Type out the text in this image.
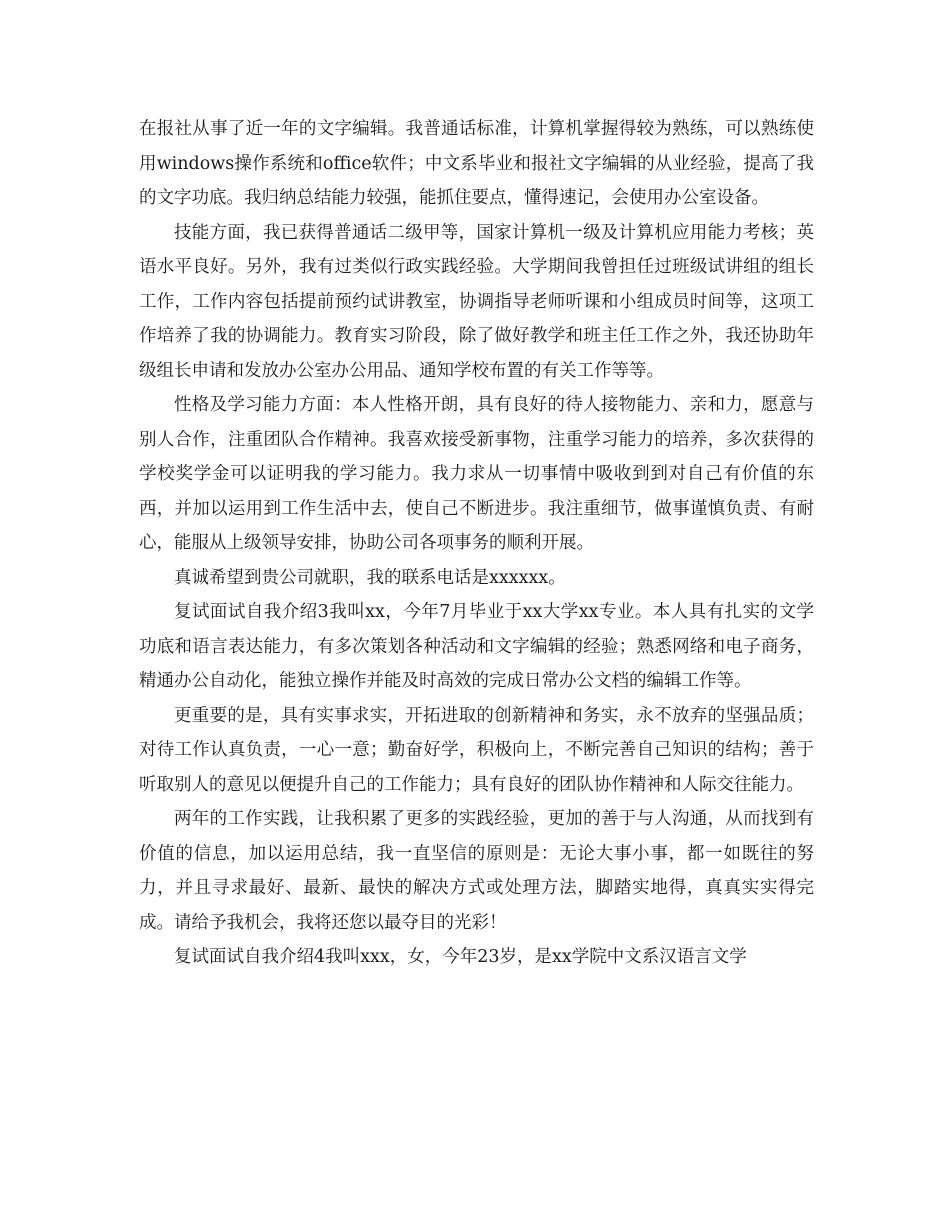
在报社从事了近一年的文字编辑。我普通话标准，计算机掌握得较为熟练，可以熟练使用windows操作系统和office软件；中文系毕业和报社文字编辑的从业经验，提高了我的文字功底。我归纳总结能力较强，能抓住要点，懂得速记，会使用办公室设备。

技能方面，我已获得普通话二级甲等，国家计算机一级及计算机应用能力考核；英语水平良好。另外，我有过类似行政实践经验。大学期间我曾担任过班级试讲组的组长工作，工作内容包括提前预约试讲教室，协调指导老师听课和小组成员时间等，这项工作培养了我的协调能力。教育实习阶段，除了做好教学和班主任工作之外，我还协助年级组长申请和发放办公室办公用品、通知学校布置的有关工作等等。

性格及学习能力方面：本人性格开朗，具有良好的待人接物能力、亲和力，愿意与别人合作，注重团队合作精神。我喜欢接受新事物，注重学习能力的培养，多次获得的学校奖学金可以证明我的学习能力。我力求从一切事情中吸收到到对自己有价值的东西，并加以运用到工作生活中去，使自己不断进步。我注重细节，做事谨慎负责、有耐心，能服从上级领导安排，协助公司各项事务的顺利开展。

真诚希望到贵公司就职，我的联系电话是xxxxxx。

复试面试自我介绍3我叫xx，今年7月毕业于xx大学xx专业。本人具有扎实的文学功底和语言表达能力，有多次策划各种活动和文字编辑的经验；熟悉网络和电子商务，精通办公自动化，能独立操作并能及时高效的完成日常办公文档的编辑工作等。

更重要的是，具有实事求实，开拓进取的创新精神和务实，永不放弃的坚强品质；对待工作认真负责，一心一意；勤奋好学，积极向上，不断完善自己知识的结构；善于听取别人的意见以便提升自己的工作能力；具有良好的团队协作精神和人际交往能力。

两年的工作实践，让我积累了更多的实践经验，更加的善于与人沟通，从而找到有价值的信息，加以运用总结，我一直坚信的原则是：无论大事小事，都一如既往的努力，并且寻求最好、最新、最快的解决方式或处理方法，脚踏实地得，真真实实得完成。请给予我机会，我将还您以最夺目的光彩！

复试面试自我介绍4我叫xxx，女，今年23岁，是xx学院中文系汉语言文学
